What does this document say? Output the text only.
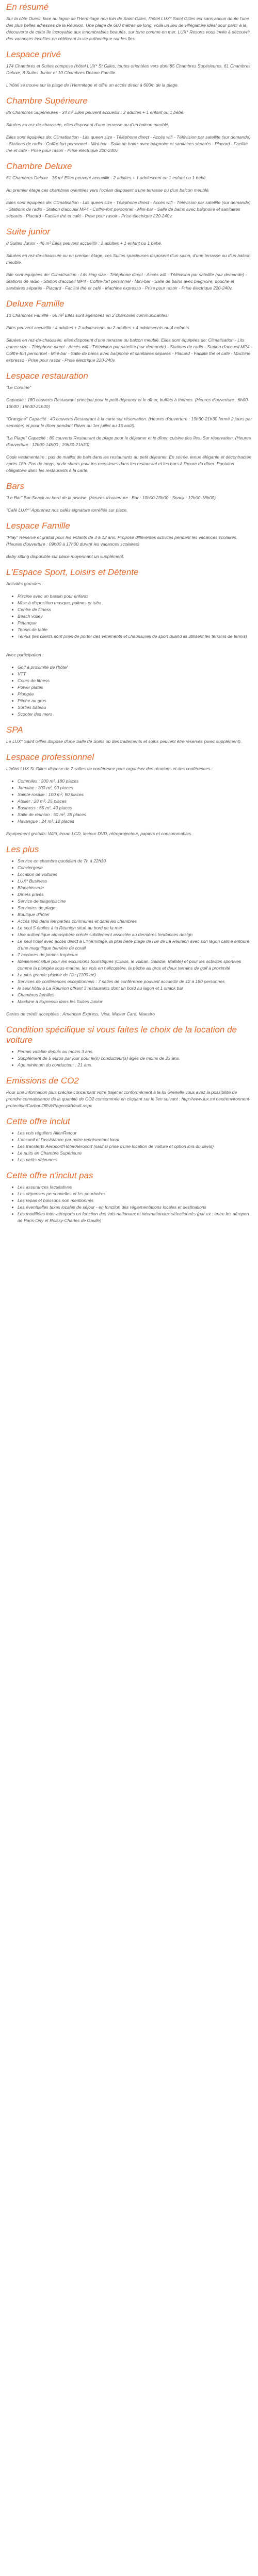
En résumé

Sur la côte Ouest, face au lagon de l'Hermitage non loin de Saint-Gilles, l'hôtel LUX* Saint Gilles est sans aucun doute l'une des plus belles adresses de la Réunion. Une plage de 600 mètres de long, voilà un lieu de villégiature idéal pour partir à la découverte de cette île incroyable aux innombrables beautés, sur terre comme en mer. LUX* Resorts vous invite à découvrir des vacances insolites en célébrant la vie authentique sur les îles.

Lespace privé

174 Chambres et Suites compose l'hôtel LUX* St Gilles, toutes orientées vers dont 85 Chambres Supérieures, 61 Chambres Deluxe, 8 Suites Junior et 10 Chambres Deluxe Famille.

L'hôtel se trouve sur la plage de l'Hermitage et offre un accès direct à 600m de la plage.

Chambre Supérieure

85 Chambres Supérieures - 34 m² Elles peuvent accueillir : 2 adultes + 1 enfant ou 1 bébé.

Situées au rez-de-chaussée, elles disposent d'une terrasse ou d'un balcon meublé.

Elles sont équipées de: Climatisation - Lits queen size - Téléphone direct - Accès wifi - Télévision par satellite (sur demande) - Stations de radio - Coffre-fort personnel - Mini-bar - Salle de bains avec baignoire et sanitaires séparés - Placard - Facilité thé et café - Prise pour rasoir - Prise électrique 220-240v.

Chambre Deluxe

61 Chambres Deluxe - 36 m² Elles peuvent accueillir : 2 adultes + 1 adolescent ou 1 enfant ou 1 bébé.

Au premier étage ces chambres orientées vers l'océan disposent d'une terrasse ou d'un balcon meublé.

Elles sont équipées de: Climatisation - Lits queen size - Téléphone direct - Accès wifi - Télévision par satellite (sur demande) - Stations de radio - Station d'accueil MP4 - Coffre-fort personnel - Mini-bar - Salle de bains avec baignoire et sanitaires séparés - Placard - Facilité thé et café - Prise pour rasoir - Prise électrique 220-240v.

Suite junior

8 Suites Junior - 46 m² Elles peuvent accueillir : 2 adultes + 1 enfant ou 1 bébé.

Situées en rez-de-chaussée ou en premier étage, ces Suites spacieuses disposent d'un salon, d'une terrasse ou d'un balcon meublé.

Elle sont équipées de: Climatisation - Lits king size - Téléphone direct - Accès wifi - Télévision par satellite (sur demande) - Stations de radio - Station d'accueil MP4 - Coffre-fort personnel - Mini-bar - Salle de bains avec baignoire, douche et sanitaires séparés - Placard - Facilité thé et café - Machine expresso - Prise pour rasoir - Prise électrique 220-240v.

Deluxe Famille

10 Chambres Famille - 66 m² Elles sont agencées en 2 chambres communicantes.

Elles peuvent accueillir : 4 adultes + 2 adolescents ou 2 adultes + 4 adolescents ou 4 enfants.

Situées en rez-de-chaussée, elles disposent d'une terrasse ou balcon meublé. Elles sont équipées de: Climatisation - Lits queen size - Téléphone direct - Accès wifi - Télévision par satellite (sur demande) - Stations de radio - Station d'accueil MP4 - Coffre-fort personnel - Mini-bar - Salle de bains avec baignoire et sanitaires séparés - Placard - Facilité thé et café - Machine expresso - Prise pour rasoir - Prise électrique 220-240v.

Lespace restauration

"Le Coraine"

Capacité : 180 couverts Restaurant principal pour le petit-déjeuner et le dîner, buffets à thèmes. (Heures d'ouverture : 6h00-10h00 ; 19h30-21h30)

"Orangine" Capacité : 40 couverts Restaurant à la carte sur réservation. (Heures d'ouverture : 19h30-21h30 fermé 2 jours par semaine) et pour le dîner pendant l'hiver du 1er juillet au 15 août).

"La Plage" Capacité : 80 couverts Restaurant de plage pour le déjeuner et le dîner, cuisine des îles. Sur réservation. (Heures d'ouverture : 12h00-14h00 ; 19h30-21h30)

Code vestimentaire : pas de maillot de bain dans les restaurants au petit déjeuner. En soirée, tenue élégante et décontractée après 18h. Pas de tongs, ni de shorts pour les messieurs dans les restaurant et les bars à l'heure du dîner. Pantalon obligatoire dans les restaurants à la carte.

Bars

"Le Bar" Bar-Snack au bord de la piscine. (Heures d'ouverture : Bar : 10h00-23h00 ; Snack : 12h00-18h00)

"Café LUX*" Apprenez nos cafés signature torréfiés sur place.

Lespace Famille

"Play" Réservé et gratuit pour les enfants de 3 à 12 ans. Propose différentes activités pendant les vacances scolaires. (Heures d'ouverture : 09h00 à 17h00 durant les vacances scolaires)

Baby sitting disponible sur place moyennant un supplément.

L'Espace Sport, Loisirs et Détente

Activités gratuites :

Piscine avec un bassin pour enfants
Mise à disposition masque, palmes et tuba
Centre de fitness
Beach volley
Pétanque
Tennis de table
Tennis (les clients sont priés de porter des vêtements et chaussures de sport quand ils utilisent les terrains de tennis)

Avec participation :

Golf à proximité de l'hôtel
VTT
Cours de fitness
Power plates
Plongée
Pêche au gros
Sorties bateau
Scooter des mers
SPA

Le LUX* Saint Gilles dispose d'une Salle de Soins où des traitements et soins peuvent être réservés (avec supplément).

Lespace professionnel

L'hôtel LUX St Gilles dispose de 7 salles de conférence pour organiser des réunions et des conférences :

Commiles : 200 m², 180 places
Jamalac : 100 m², 90 places
Sainte-rosalie : 100 m², 90 places
Atelier : 28 m², 25 places
Business : 65 m², 40 places
Salle de réunion : 50 m², 35 places
Havangue : 24 m², 12 places

Equipement gratuits: WiFi, écran LCD, lecteur DVD, rétroprojecteur, papiers et consommables.

Les plus
Service en chambre quotidien de 7h à 22h30
Conciergerie
Location de voitures
LUX* Business
Blanchisserie
Dîners privés
Service de plage/piscine
Serviettes de plage
Boutique d'hôtel
Accès Wifi dans les parties communes et dans les chambres
Le seul 5 étoiles à la Réunion situé au bord de la mer
Une authentique atmosphère créole subtilement associée au dernières tendances design
Le seul hôtel avec accès direct à L'Hermitage, la plus belle plage de l'île de La Réunion avec son lagon calme entouré d'une magnifique barrière de corail
7 hectares de jardins tropicaux
Idéalement situé pour les excursions touristiques (Cilaos, le volcan, Salazie, Mafate) et pour les activités sportives comme la plongée sous-marine, les vols en hélicoptère, la pêche au gros et deux terrains de golf à proximité
La plus grande piscine de l'île (1100 m²)
Services de conférences exceptionnels : 7 salles de conférence pouvant accueillir de 12 à 180 personnes
le seul hôtel à La Réunion offrant 3 restaurants dont un bord au lagon et 1 snack bar
Chambres familles
Machine à Expresso dans les Suites Junior

Cartes de crédit acceptées : American Express, Visa, Master Card, Maestro

Condition spécifique si vous faites le choix de la location de voiture
Permis valable depuis au moins 3 ans.
Supplément de 5 euros par jour pour le(s) conducteur(s) âgés de moins de 23 ans.
Age minimum du conducteur : 21 ans.
Emissions de CO2

Pour une information plus précise concernant votre trajet et conformément à la loi Grenelle vous avez la possibilité de prendre connaissance de la quantité de CO2 consommée en cliquant sur le lien suivant : http://www.lux.mi nent/environnent-protection/CarbonOffsit/PagecoldVault.aspx

Cette offre inclut
Les vols réguliers Aller/Retour
L'accueil et l'assistance par notre représentant local
Les transferts Aéroport/Hôtel/Aéroport (sauf si prise d'une location de voiture et option lors du devis)
Le nuits en Chambre Supérieure
Les petits déjeuners
Cette offre n'inclut pas
Les assurances facultatives
Les dépenses personnelles et les pourboires
Les repas et boissons non mentionnés
Les éventuelles taxes locales de séjour - en fonction des réglementations locales et destinations
Les modifiées inter-aéroports en fonction des vols nationaux et internationaux sélectionnés (par ex : entre les aéroport de Paris-Orly et Roissy-Charles de Gaulle)
